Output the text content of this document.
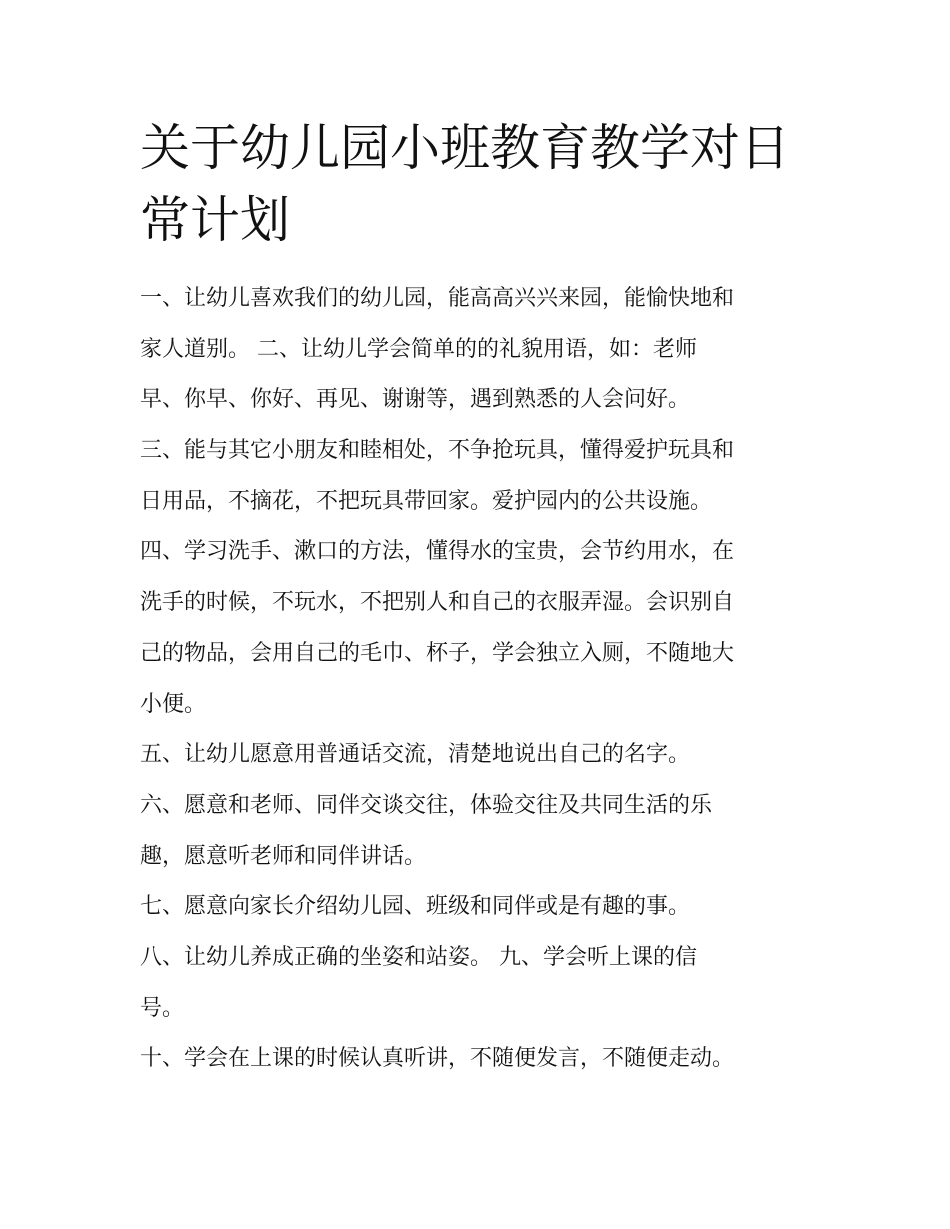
关于幼儿园小班教育教学对日
常计划
一、让幼儿喜欢我们的幼儿园，能高高兴兴来园，能愉快地和
家人道别。 二、让幼儿学会简单的的礼貌用语，如：老师
早、你早、你好、再见、谢谢等，遇到熟悉的人会问好。
三、能与其它小朋友和睦相处，不争抢玩具，懂得爱护玩具和
日用品，不摘花，不把玩具带回家。爱护园内的公共设施。
四、学习洗手、漱口的方法，懂得水的宝贵，会节约用水，在
洗手的时候，不玩水，不把别人和自己的衣服弄湿。会识别自
己的物品，会用自己的毛巾、杯子，学会独立入厕，不随地大
小便。
五、让幼儿愿意用普通话交流，清楚地说出自己的名字。
六、愿意和老师、同伴交谈交往，体验交往及共同生活的乐
趣，愿意听老师和同伴讲话。
七、愿意向家长介绍幼儿园、班级和同伴或是有趣的事。
八、让幼儿养成正确的坐姿和站姿。 九、学会听上课的信
号。
十、学会在上课的时候认真听讲，不随便发言，不随便走动。
